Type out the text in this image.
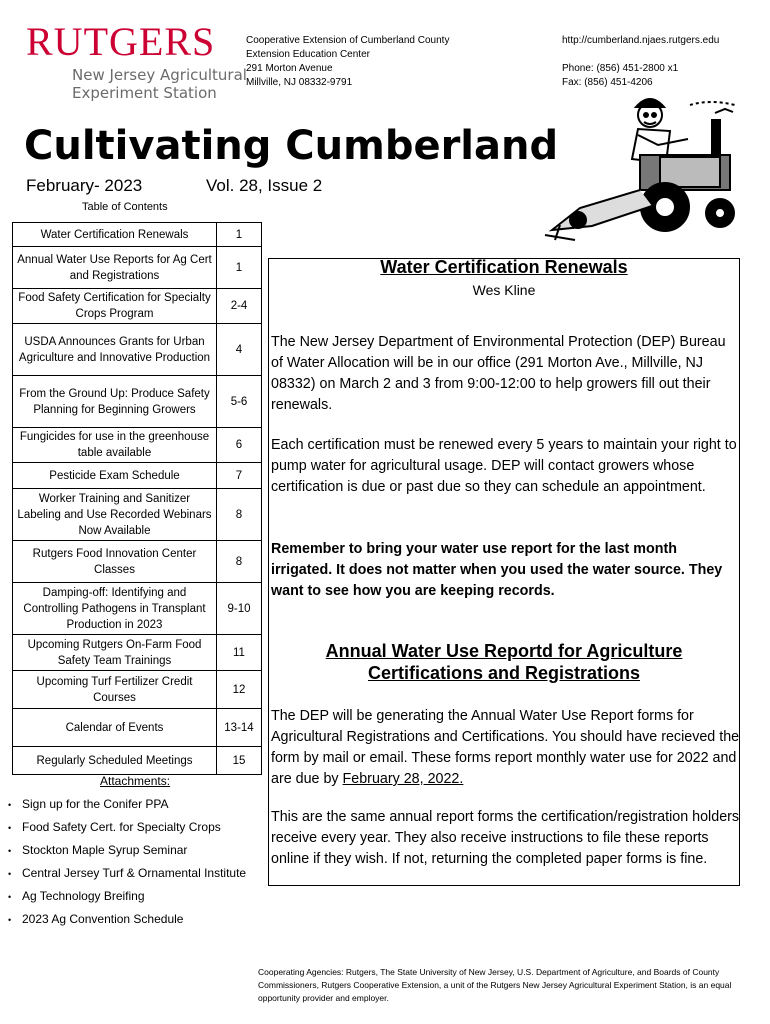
RUTGERS
New Jersey Agricultural
Experiment Station
Cooperative Extension of Cumberland County
Extension Education Center
291 Morton Avenue
Millville, NJ 08332-9791
http://cumberland.njaes.rutgers.edu
Phone: (856) 451-2800 x1
Fax: (856) 451-4206
Cultivating Cumberland
February- 2023	Vol. 28, Issue 2
Table of Contents
Water Certification Renewals	1
Annual Water Use Reports for Ag Cert and Registrations	1
Food Safety Certification for Specialty Crops Program	2-4
USDA Announces Grants for Urban Agriculture and Innovative Production	4
From the Ground Up: Produce Safety Planning for Beginning Growers	5-6
Fungicides for use in the greenhouse table available	6
Pesticide Exam Schedule	7
Worker Training and Sanitizer Labeling and Use Recorded Webinars Now Available	8
Rutgers Food Innovation Center Classes	8
Damping-off: Identifying and Controlling Pathogens in Transplant Production in 2023	9-10
Upcoming Rutgers On-Farm Food Safety Team Trainings	11
Upcoming Turf Fertilizer Credit Courses	12
Calendar of Events	13-14
Regularly Scheduled Meetings	15
Attachments:
• Sign up for the Conifer PPA
• Food Safety Cert. for Specialty Crops
• Stockton Maple Syrup Seminar
• Central Jersey Turf & Ornamental Institute
• Ag Technology Breifing
• 2023 Ag Convention Schedule
Water Certification Renewals
Wes Kline
The New Jersey Department of Environmental Protection (DEP) Bureau of Water Allocation will be in our office (291 Morton Ave., Millville, NJ 08332) on March 2 and 3 from 9:00-12:00 to help growers fill out their renewals.
Each certification must be renewed every 5 years to maintain your right to pump water for agricultural usage. DEP will contact growers whose certification is due or past due so they can schedule an appointment.
Remember to bring your water use report for the last month irrigated. It does not matter when you used the water source. They want to see how you are keeping records.
Annual Water Use Reportd for Agriculture Certifications and Registrations
The DEP will be generating the Annual Water Use Report forms for Agricultural Registrations and Certifications. You should have recieved the form by mail or email. These forms report monthly water use for 2022 and are due by February 28, 2022.
This are the same annual report forms the certification/registration holders receive every year. They also receive instructions to file these reports online if they wish. If not, returning the completed paper forms is fine.
Cooperating Agencies: Rutgers, The State University of New Jersey, U.S. Department of Agriculture, and Boards of County Commissioners, Rutgers Cooperative Extension, a unit of the Rutgers New Jersey Agricultural Experiment Station, is an equal opportunity provider and employer.
